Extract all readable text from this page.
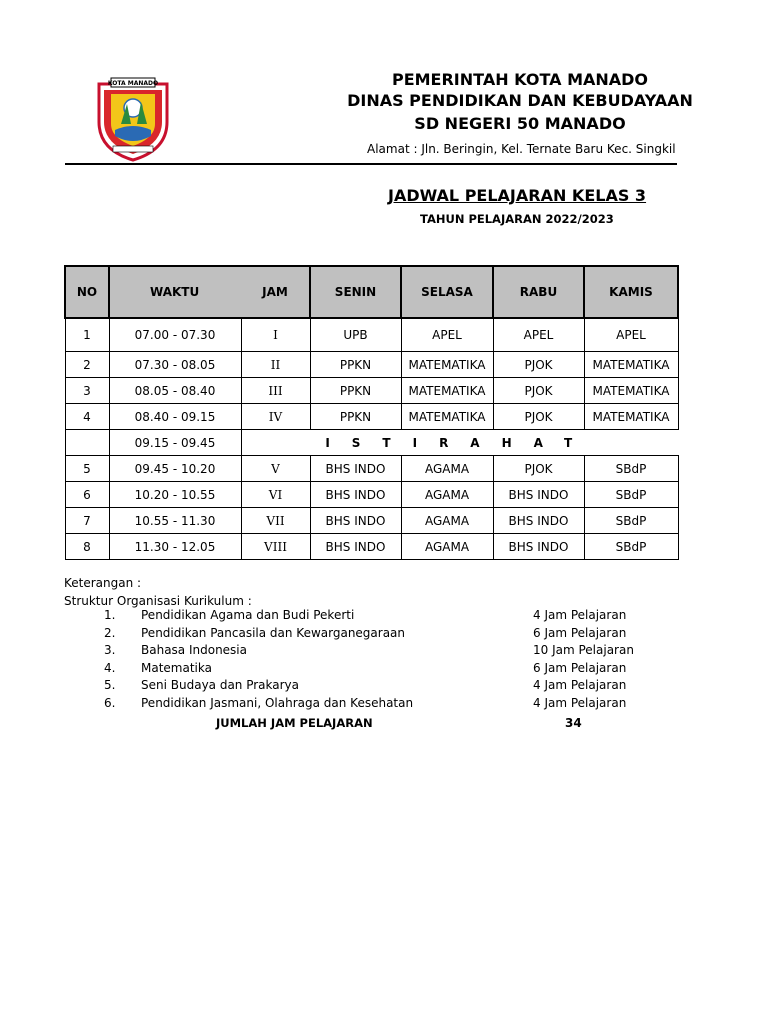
KOTA MANADO	PEMERINTAH KOTA MANADO
DINAS PENDIDIKAN DAN KEBUDAYAAN
SD NEGERI 50 MANADO
Alamat : Jln. Beringin, Kel. Ternate Baru Kec. Singkil
JADWAL PELAJARAN KELAS 3
TAHUN PELAJARAN 2022/2023
NO	WAKTU	JAM	SENIN	SELASA	RABU	KAMIS
1	07.00 - 07.30	I	UPB	APEL	APEL	APEL
2	07.30 - 08.05	II	PPKN	MATEMATIKA	PJOK	MATEMATIKA
3	08.05 - 08.40	III	PPKN	MATEMATIKA	PJOK	MATEMATIKA
4	08.40 - 09.15	IV	PPKN	MATEMATIKA	PJOK	MATEMATIKA
	09.15 - 09.45	ISTIRAHAT				
5	09.45 - 10.20	V	BHS INDO	AGAMA	PJOK	SBdP
6	10.20 - 10.55	VI	BHS INDO	AGAMA	BHS INDO	SBdP
7	10.55 - 11.30	VII	BHS INDO	AGAMA	BHS INDO	SBdP
8	11.30 - 12.05	VIII	BHS INDO	AGAMA	BHS INDO	SBdP
Keterangan :
Struktur Organisasi Kurikulum :
1. Pendidikan Agama dan Budi Pekerti	4 Jam Pelajaran
2. Pendidikan Pancasila dan Kewarganegaraan	6 Jam Pelajaran
3. Bahasa Indonesia	10 Jam Pelajaran
4. Matematika	6 Jam Pelajaran
5. Seni Budaya dan Prakarya	4 Jam Pelajaran
6. Pendidikan Jasmani, Olahraga dan Kesehatan	4 Jam Pelajaran
JUMLAH JAM PELAJARAN	34
